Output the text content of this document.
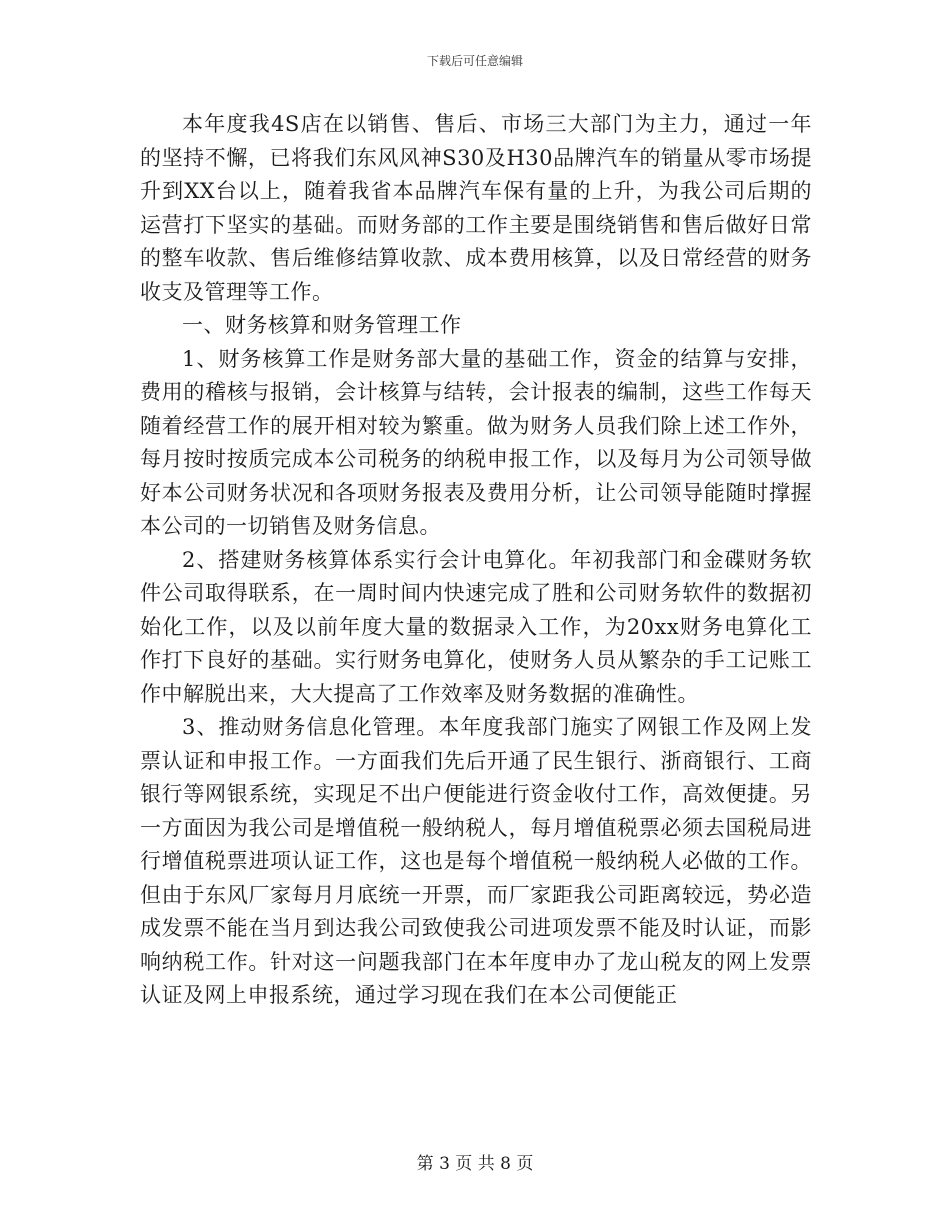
下载后可任意编辑

本年度我4S店在以销售、售后、市场三大部门为主力，通过一年的坚持不懈，已将我们东风风神S30及H30品牌汽车的销量从零市场提升到XX台以上，随着我省本品牌汽车保有量的上升，为我公司后期的运营打下坚实的基础。而财务部的工作主要是围绕销售和售后做好日常的整车收款、售后维修结算收款、成本费用核算，以及日常经营的财务收支及管理等工作。

一、财务核算和财务管理工作

1、财务核算工作是财务部大量的基础工作，资金的结算与安排，费用的稽核与报销，会计核算与结转，会计报表的编制，这些工作每天随着经营工作的展开相对较为繁重。做为财务人员我们除上述工作外，每月按时按质完成本公司税务的纳税申报工作，以及每月为公司领导做好本公司财务状况和各项财务报表及费用分析，让公司领导能随时撑握本公司的一切销售及财务信息。

2、搭建财务核算体系实行会计电算化。年初我部门和金碟财务软件公司取得联系，在一周时间内快速完成了胜和公司财务软件的数据初始化工作，以及以前年度大量的数据录入工作，为20xx财务电算化工作打下良好的基础。实行财务电算化，使财务人员从繁杂的手工记账工作中解脱出来，大大提高了工作效率及财务数据的准确性。

3、推动财务信息化管理。本年度我部门施实了网银工作及网上发票认证和申报工作。一方面我们先后开通了民生银行、浙商银行、工商银行等网银系统，实现足不出户便能进行资金收付工作，高效便捷。另一方面因为我公司是增值税一般纳税人，每月增值税票必须去国税局进行增值税票进项认证工作，这也是每个增值税一般纳税人必做的工作。但由于东风厂家每月月底统一开票，而厂家距我公司距离较远，势必造成发票不能在当月到达我公司致使我公司进项发票不能及时认证，而影响纳税工作。针对这一问题我部门在本年度申办了龙山税友的网上发票认证及网上申报系统，通过学习现在我们在本公司便能正

第 3 页 共 8 页
